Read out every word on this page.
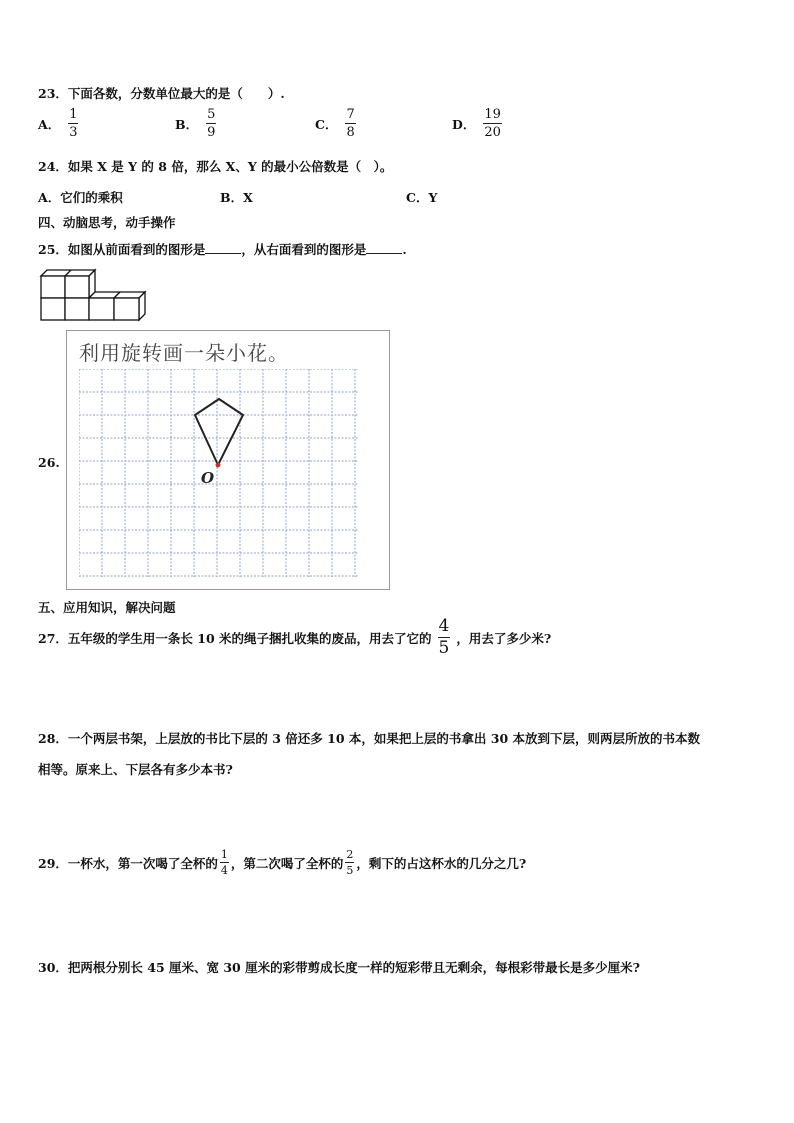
23．下面各数，分数单位最大的是（　　）.
A． $\frac{1}{3}$	B． $\frac{5}{9}$	C． $\frac{7}{8}$	D． $\frac{19}{20}$
24．如果 X 是 Y 的 8 倍，那么 X、Y 的最小公倍数是（　）。
A．它们的乘积	B．X	C．Y
四、动脑思考，动手操作
25．如图从前面看到的图形是	，从右面看到的图形是	.
26.
利用旋转画一朵小花。
O
五、应用知识，解决问题
27．五年级的学生用一条长 10 米的绳子捆扎收集的废品，用去了它的 $\frac{4}{5}$ ，用去了多少米?
28．一个两层书架，上层放的书比下层的 3 倍还多 10 本，如果把上层的书拿出 30 本放到下层，则两层所放的书本数
相等。原来上、下层各有多少本书?
29．一杯水，第一次喝了全杯的 $\frac{1}{4}$ ，第二次喝了全杯的 $\frac{2}{5}$ ，剩下的占这杯水的几分之几?
30．把两根分别长 45 厘米、宽 30 厘米的彩带剪成长度一样的短彩带且无剩余，每根彩带最长是多少厘米?
